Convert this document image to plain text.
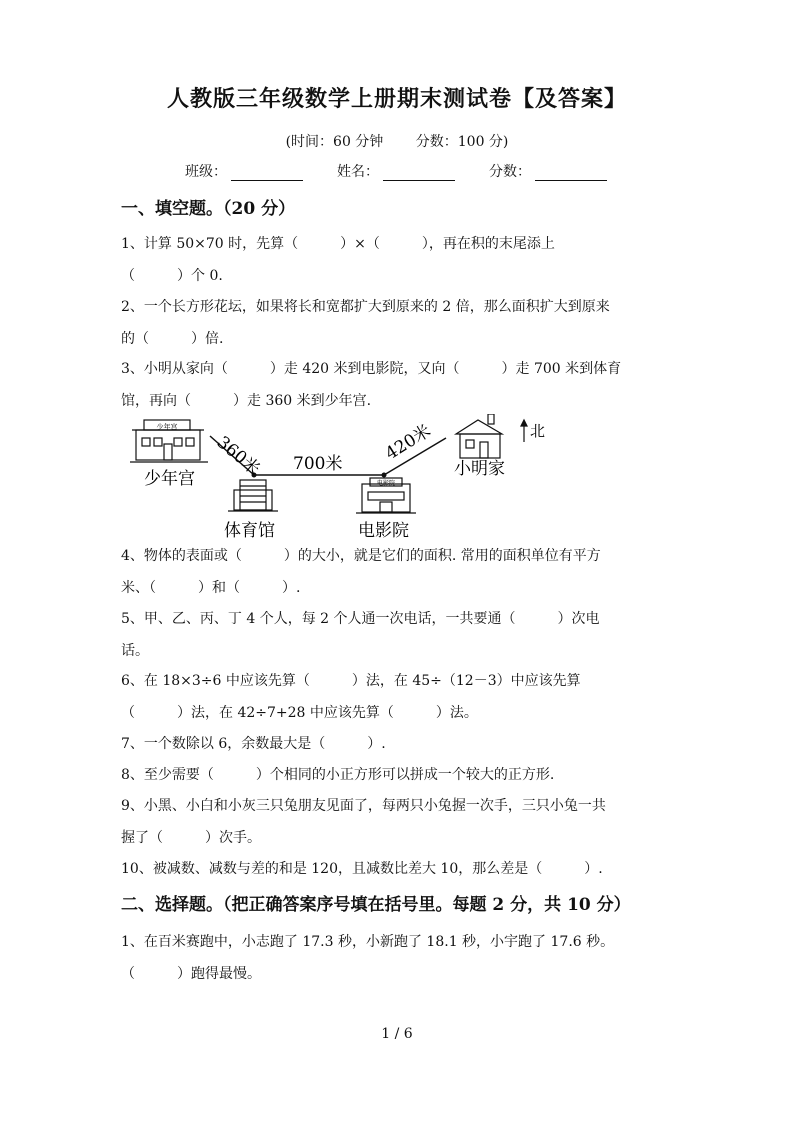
人教版三年级数学上册期末测试卷【及答案】
(时间：60 分钟 分数：100 分)
班级：	姓名：	分数：
一、填空题。（20 分）
1、计算 50×70 时，先算（　　　）×（　　　），再在积的末尾添上
（　　　）个 0.
2、一个长方形花坛，如果将长和宽都扩大到原来的 2 倍，那么面积扩大到原来
的（　　　）倍.
3、小明从家向（　　　）走 420 米到电影院，又向（　　　）走 700 米到体育
馆，再向（　　　）走 360 米到少年宫.
少年宫
360米 700米 420米	北
少年宫	小明家
电影院
体育馆	电影院
4、物体的表面或（　　　）的大小，就是它们的面积. 常用的面积单位有平方
米、（　　　）和（　　　）.
5、甲、乙、丙、丁 4 个人，每 2 个人通一次电话，一共要通（　　　）次电
话。
6、在 18×3÷6 中应该先算（　　　）法，在 45÷（12－3）中应该先算
（　　　）法，在 42÷7+28 中应该先算（　　　）法。
7、一个数除以 6，余数最大是（　　　）.
8、至少需要（　　　）个相同的小正方形可以拼成一个较大的正方形.
9、小黑、小白和小灰三只兔朋友见面了，每两只小兔握一次手，三只小兔一共
握了（　　　）次手。
10、被减数、减数与差的和是 120，且减数比差大 10，那么差是（　　　）.
二、选择题。（把正确答案序号填在括号里。每题 2 分，共 10 分）
1、在百米赛跑中，小志跑了 17.3 秒，小新跑了 18.1 秒，小宇跑了 17.6 秒。
（　　　）跑得最慢。
1 / 6
